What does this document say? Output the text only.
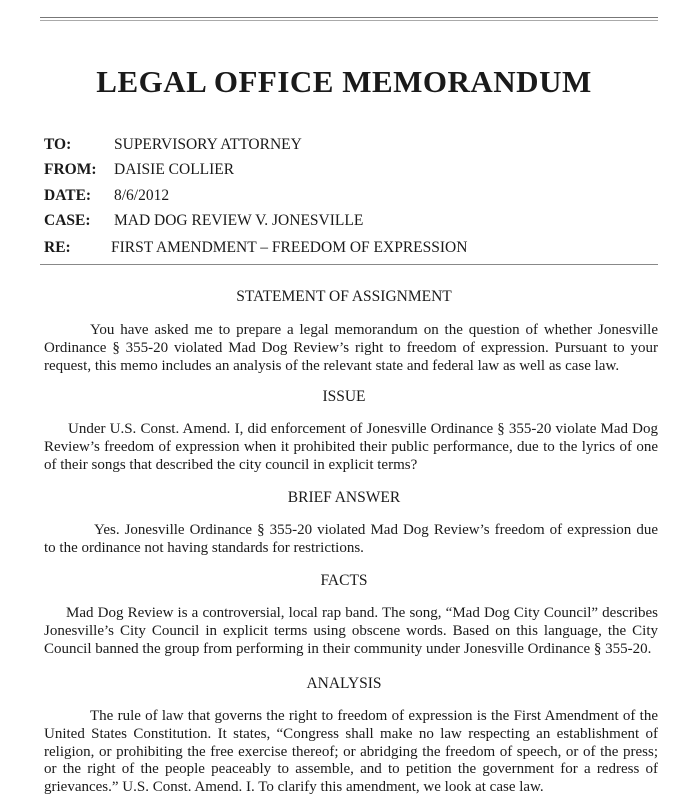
LEGAL OFFICE MEMORANDUM
TO:	SUPERVISORY ATTORNEY
FROM: DAISIE COLLIER
DATE: 8/6/2012
CASE: MAD DOG REVIEW V. JONESVILLE
RE:	FIRST AMENDMENT – FREEDOM OF EXPRESSION
STATEMENT OF ASSIGNMENT
You have asked me to prepare a legal memorandum on the question of whether Jonesville Ordinance § 355-20 violated Mad Dog Review’s right to freedom of expression. Pursuant to your request, this memo includes an analysis of the relevant state and federal law as well as case law.
ISSUE
Under U.S. Const. Amend. I, did enforcement of Jonesville Ordinance § 355-20 violate Mad Dog Review’s freedom of expression when it prohibited their public performance, due to the lyrics of one of their songs that described the city council in explicit terms?
BRIEF ANSWER
Yes. Jonesville Ordinance § 355-20 violated Mad Dog Review’s freedom of expression due to the ordinance not having standards for restrictions.
FACTS
Mad Dog Review is a controversial, local rap band. The song, “Mad Dog City Council” describes Jonesville’s City Council in explicit terms using obscene words. Based on this language, the City Council banned the group from performing in their community under Jonesville Ordinance § 355-20.
ANALYSIS
The rule of law that governs the right to freedom of expression is the First Amendment of the United States Constitution. It states, “Congress shall make no law respecting an establishment of religion, or prohibiting the free exercise thereof; or abridging the freedom of speech, or of the press; or the right of the people peaceably to assemble, and to petition the government for a redress of grievances.” U.S. Const. Amend. I. To clarify this amendment, we look at case law.
